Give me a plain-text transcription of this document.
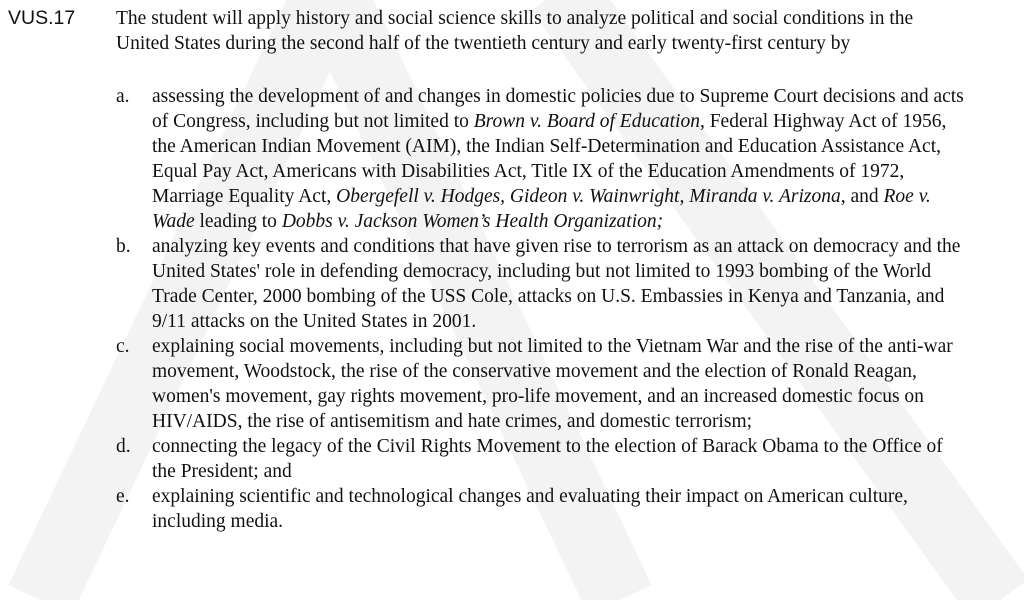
VUS.17 The student will apply history and social science skills to analyze political and social conditions in the United States during the second half of the twentieth century and early twenty-first century by
a. assessing the development of and changes in domestic policies due to Supreme Court decisions and acts of Congress, including but not limited to Brown v. Board of Education, Federal Highway Act of 1956, the American Indian Movement (AIM), the Indian Self-Determination and Education Assistance Act, Equal Pay Act, Americans with Disabilities Act, Title IX of the Education Amendments of 1972, Marriage Equality Act, Obergefell v. Hodges, Gideon v. Wainwright, Miranda v. Arizona, and Roe v. Wade leading to Dobbs v. Jackson Women’s Health Organization;
b. analyzing key events and conditions that have given rise to terrorism as an attack on democracy and the United States' role in defending democracy, including but not limited to 1993 bombing of the World Trade Center, 2000 bombing of the USS Cole, attacks on U.S. Embassies in Kenya and Tanzania, and 9/11 attacks on the United States in 2001.
c. explaining social movements, including but not limited to the Vietnam War and the rise of the anti-war movement, Woodstock, the rise of the conservative movement and the election of Ronald Reagan, women's movement, gay rights movement, pro-life movement, and an increased domestic focus on HIV/AIDS, the rise of antisemitism and hate crimes, and domestic terrorism;
d. connecting the legacy of the Civil Rights Movement to the election of Barack Obama to the Office of the President; and
e. explaining scientific and technological changes and evaluating their impact on American culture, including media.
